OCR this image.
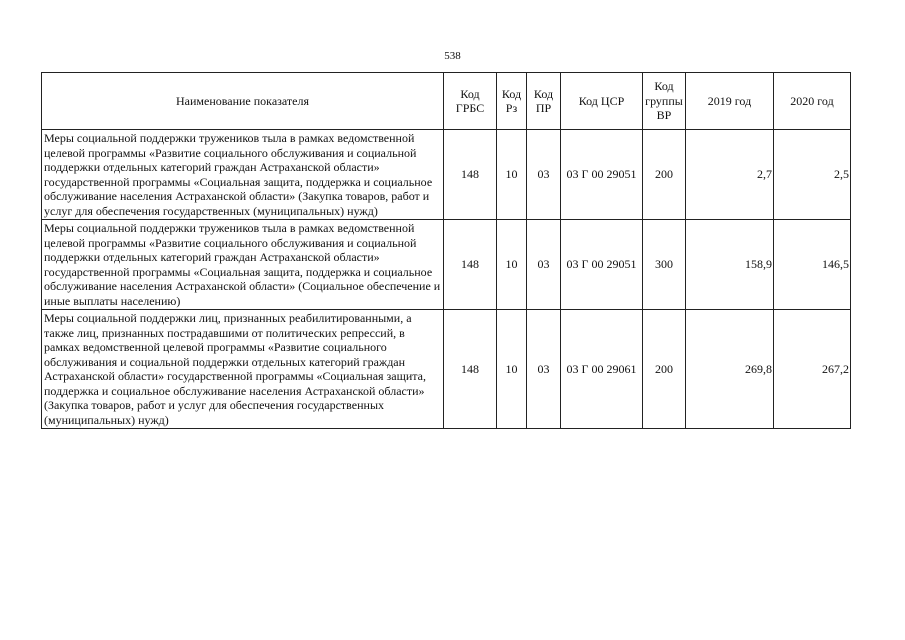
538
Наименование показателя	Код ГРБС	Код Рз	Код ПР	Код ЦСР	Код группы ВР	2019 год	2020 год
Меры социальной поддержки тружеников тыла в рамках ведомственной целевой программы «Развитие социального обслуживания и социальной поддержки отдельных категорий граждан Астраханской области» государственной программы «Социальная защита, поддержка и социальное обслуживание населения Астраханской области» (Закупка товаров, работ и услуг для обеспечения государственных (муниципальных) нужд)	148	10	03	03 Г 00 29051	200	2,7	2,5
Меры социальной поддержки тружеников тыла в рамках ведомственной целевой программы «Развитие социального обслуживания и социальной поддержки отдельных категорий граждан Астраханской области» государственной программы «Социальная защита, поддержка и социальное обслуживание населения Астраханской области» (Социальное обеспечение и иные выплаты населению)	148	10	03	03 Г 00 29051	300	158,9	146,5
Меры социальной поддержки лиц, признанных реабилитированными, а также лиц, признанных пострадавшими от политических репрессий, в рамках ведомственной целевой программы «Развитие социального обслуживания и социальной поддержки отдельных категорий граждан Астраханской области» государственной программы «Социальная защита, поддержка и социальное обслуживание населения Астраханской области» (Закупка товаров, работ и услуг для обеспечения государственных (муниципальных) нужд)	148	10	03	03 Г 00 29061	200	269,8	267,2
